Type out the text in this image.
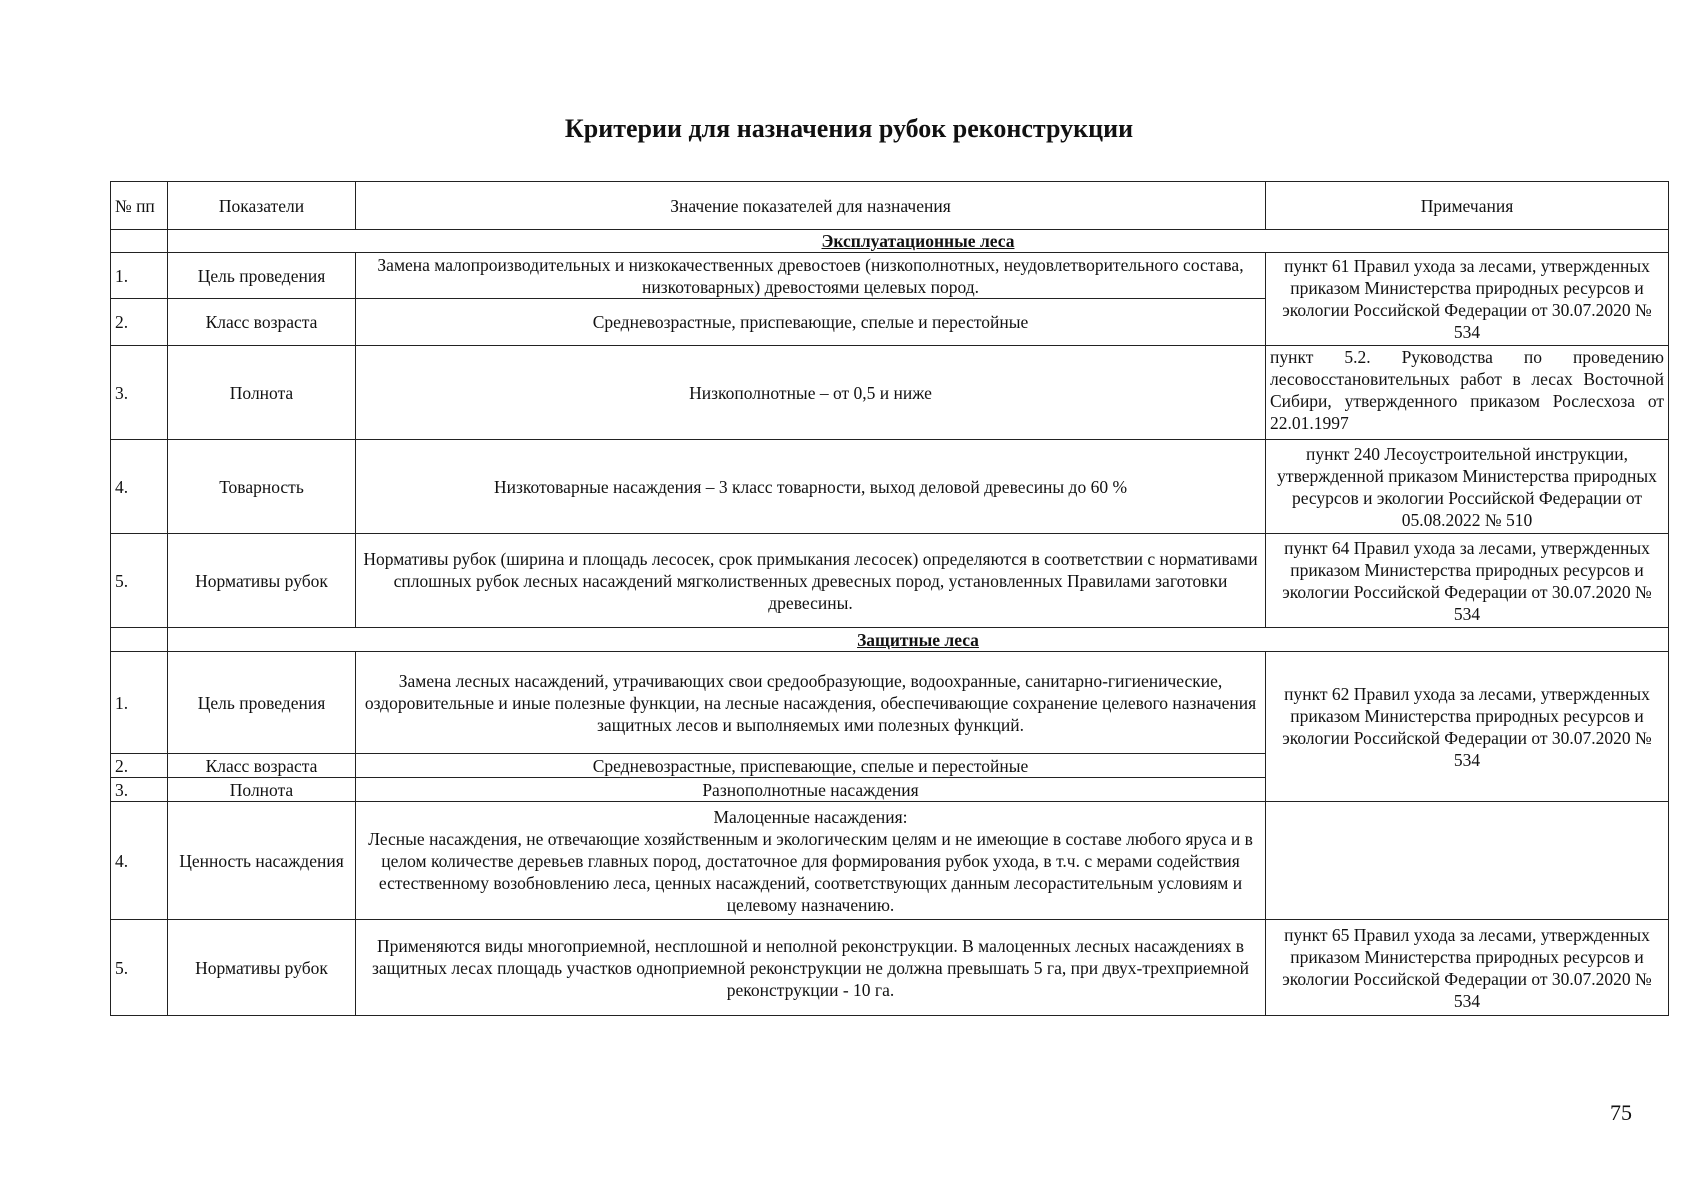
Критерии для назначения рубок реконструкции
№ пп	Показатели	Значение показателей для назначения	Примечания
	Эксплуатационные леса		
1.	Цель проведения	Замена малопроизводительных и низкокачественных древостоев (низкополнотных, неудовлетворительного состава, низкотоварных) древостоями целевых пород.	пункт 61 Правил ухода за лесами, утвержденных приказом Министерства природных ресурсов и экологии Российской Федерации от 30.07.2020 № 534
2.	Класс возраста	Средневозрастные, приспевающие, спелые и перестойные	
3.	Полнота	Низкополнотные – от 0,5 и ниже	пункт 5.2. Руководства по проведению лесовосстановительных работ в лесах Восточной Сибири, утвержденного приказом Рослесхоза от 22.01.1997
4.	Товарность	Низкотоварные насаждения – 3 класс товарности, выход деловой древесины до 60 %	пункт 240 Лесоустроительной инструкции, утвержденной приказом Министерства природных ресурсов и экологии Российской Федерации от 05.08.2022 № 510
5.	Нормативы рубок	Нормативы рубок (ширина и площадь лесосек, срок примыкания лесосек) определяются в соответствии с нормативами сплошных рубок лесных насаждений мягколиственных древесных пород, установленных Правилами заготовки древесины.	пункт 64 Правил ухода за лесами, утвержденных приказом Министерства природных ресурсов и экологии Российской Федерации от 30.07.2020 № 534
	Защитные леса		
1.	Цель проведения	Замена лесных насаждений, утрачивающих свои средообразующие, водоохранные, санитарно-гигиенические, оздоровительные и иные полезные функции, на лесные насаждения, обеспечивающие сохранение целевого назначения защитных лесов и выполняемых ими полезных функций.	пункт 62 Правил ухода за лесами, утвержденных приказом Министерства природных ресурсов и экологии Российской Федерации от 30.07.2020 № 534
2.	Класс возраста	Средневозрастные, приспевающие, спелые и перестойные	
3.	Полнота	Разнополнотные насаждения	
4.	Ценность насаждения	Малоценные насаждения:
Лесные насаждения, не отвечающие хозяйственным и экологическим целям и не имеющие в составе любого яруса и в целом количестве деревьев главных пород, достаточное для формирования рубок ухода, в т.ч. с мерами содействия естественному возобновлению леса, ценных насаждений, соответствующих данным лесорастительным условиям и целевому назначению.	

5.	Нормативы рубок	Применяются виды многоприемной, несплошной и неполной реконструкции. В малоценных лесных насаждениях в защитных лесах площадь участков одноприемной реконструкции не должна превышать 5 га, при двух-трехприемной реконструкции - 10 га.	пункт 65 Правил ухода за лесами, утвержденных приказом Министерства природных ресурсов и экологии Российской Федерации от 30.07.2020 № 534
75
